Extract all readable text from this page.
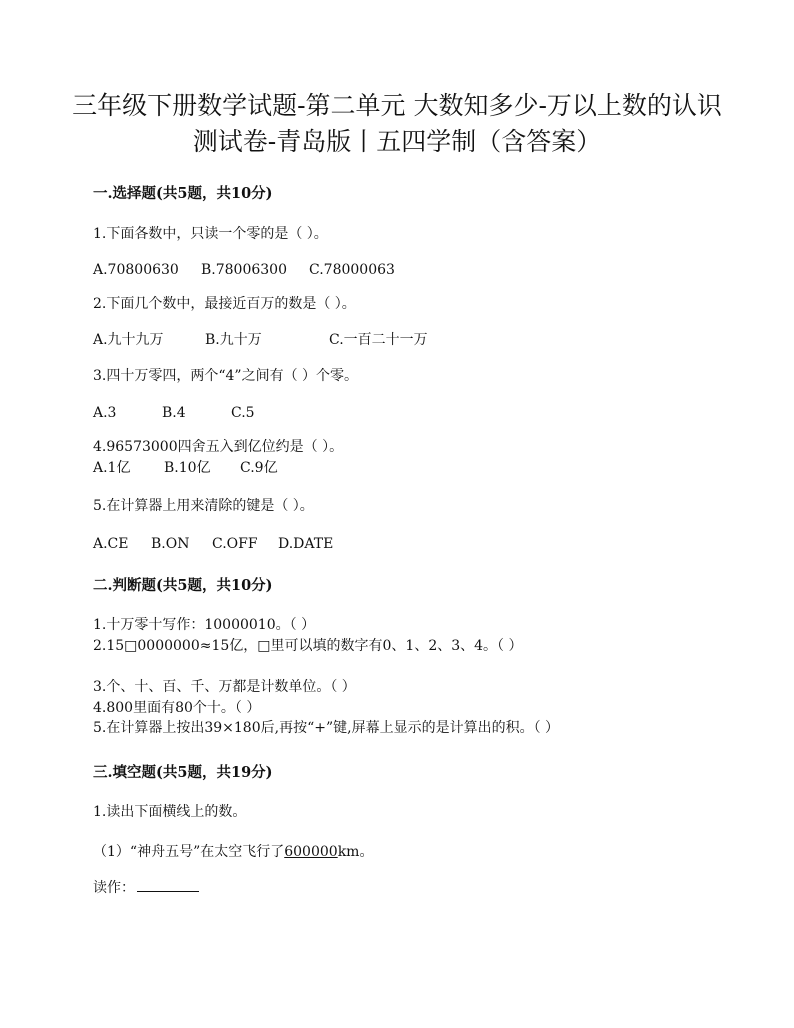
三年级下册数学试题-第二单元 大数知多少-万以上数的认识
测试卷-青岛版丨五四学制（含答案）

一.选择题(共5题，共10分)

1.下面各数中，只读一个零的是（ ）。

A.70800630 B.78006300 C.78000063

2.下面几个数中，最接近百万的数是（ ）。

A.九十九万	B.九十万	C.一百二十一万

3.四十万零四，两个“4”之间有（ ）个零。

A.3	B.4	C.5

4.96573000四舍五入到亿位约是（ ）。

A.1亿 B.10亿 C.9亿

5.在计算器上用来清除的键是（ ）。

A.CE B.ON C.OFF D.DATE

二.判断题(共5题，共10分)

1.十万零十写作：10000010。（ ）

2.15□0000000≈15亿，□里可以填的数字有0、1、2、3、4。（ ）

3.个、十、百、千、万都是计数单位。（ ）

4.800里面有80个十。（ ）

5.在计算器上按出39×180后,再按“+”键,屏幕上显示的是计算出的积。（ ）

三.填空题(共5题，共19分)

1.读出下面横线上的数。

（1）“神舟五号”在太空飞行了600000km。

读作：
